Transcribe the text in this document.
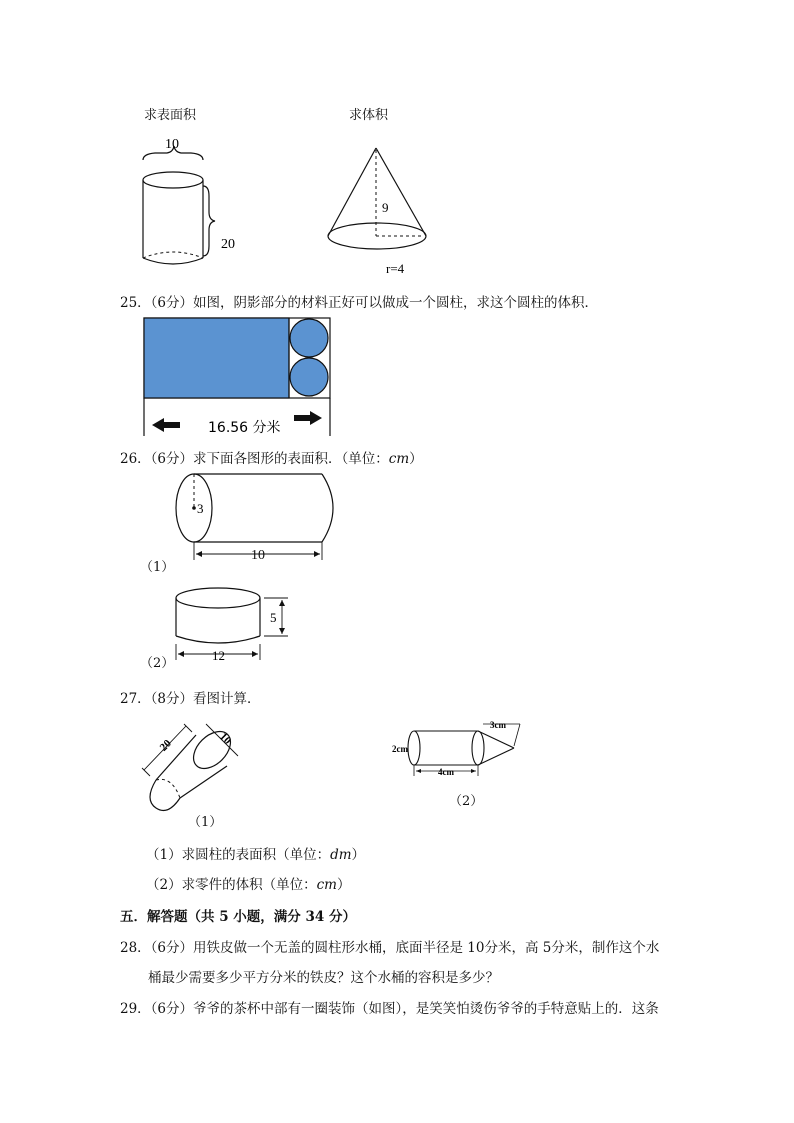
求表面积	求体积
10
20
9
r=4
25．（6分）如图，阴影部分的材料正好可以做成一个圆柱，求这个圆柱的体积．
16.56 分米
26．（6分）求下面各图形的表面积．（单位：cm）
3
10
（1）
5
12
（2）
27．（8分）看图计算．
20	10
（1）
3cm
2cm
4cm
（2）
（1）求圆柱的表面积（单位：dm）
（2）求零件的体积（单位：cm）
五．解答题（共 5 小题，满分 34 分）
28．（6分）用铁皮做一个无盖的圆柱形水桶，底面半径是 10分米，高 5分米，制作这个水
桶最少需要多少平方分米的铁皮？这个水桶的容积是多少？
29．（6分）爷爷的茶杯中部有一圈装饰（如图），是笑笑怕烫伤爷爷的手特意贴上的．这条
